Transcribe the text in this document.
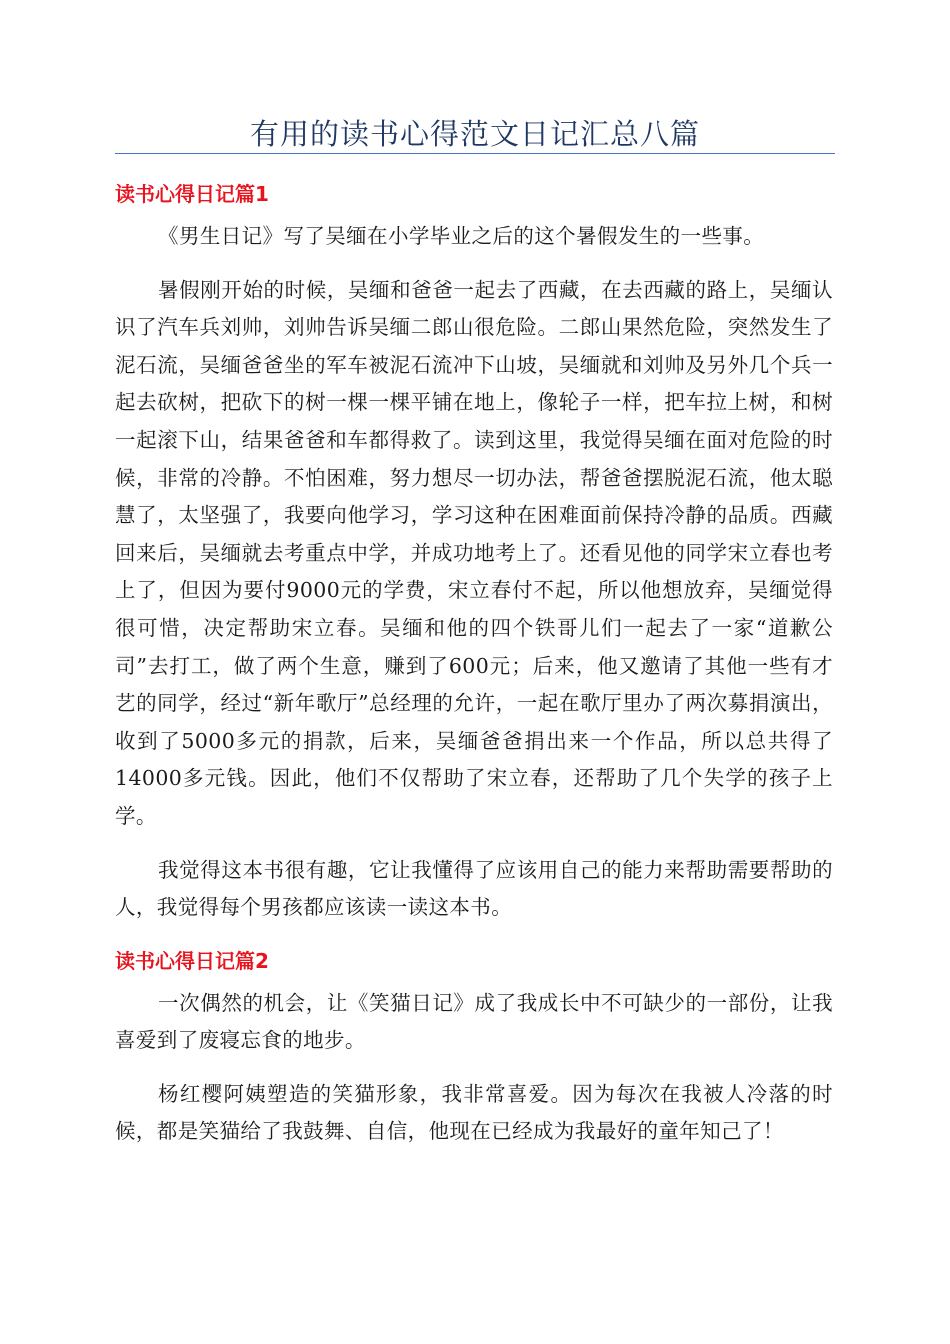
有用的读书心得范文日记汇总八篇
读书心得日记篇1

《男生日记》写了吴缅在小学毕业之后的这个暑假发生的一些事。

暑假刚开始的时候，吴缅和爸爸一起去了西藏，在去西藏的路上，吴缅认识了汽车兵刘帅，刘帅告诉吴缅二郎山很危险。二郎山果然危险，突然发生了泥石流，吴缅爸爸坐的军车被泥石流冲下山坡，吴缅就和刘帅及另外几个兵一起去砍树，把砍下的树一棵一棵平铺在地上，像轮子一样，把车拉上树，和树一起滚下山，结果爸爸和车都得救了。读到这里，我觉得吴缅在面对危险的时候，非常的冷静。不怕困难，努力想尽一切办法，帮爸爸摆脱泥石流，他太聪慧了，太坚强了，我要向他学习，学习这种在困难面前保持冷静的品质。西藏回来后，吴缅就去考重点中学，并成功地考上了。还看见他的同学宋立春也考上了，但因为要付9000元的学费，宋立春付不起，所以他想放弃，吴缅觉得很可惜，决定帮助宋立春。吴缅和他的四个铁哥儿们一起去了一家“道歉公司”去打工，做了两个生意，赚到了600元；后来，他又邀请了其他一些有才艺的同学，经过“新年歌厅”总经理的允许，一起在歌厅里办了两次募捐演出，收到了5000多元的捐款，后来，吴缅爸爸捐出来一个作品，所以总共得了14000多元钱。因此，他们不仅帮助了宋立春，还帮助了几个失学的孩子上学。

我觉得这本书很有趣，它让我懂得了应该用自己的能力来帮助需要帮助的人，我觉得每个男孩都应该读一读这本书。

读书心得日记篇2

一次偶然的机会，让《笑猫日记》成了我成长中不可缺少的一部份，让我喜爱到了废寝忘食的地步。

杨红樱阿姨塑造的笑猫形象，我非常喜爱。因为每次在我被人冷落的时候，都是笑猫给了我鼓舞、自信，他现在已经成为我最好的童年知己了！
